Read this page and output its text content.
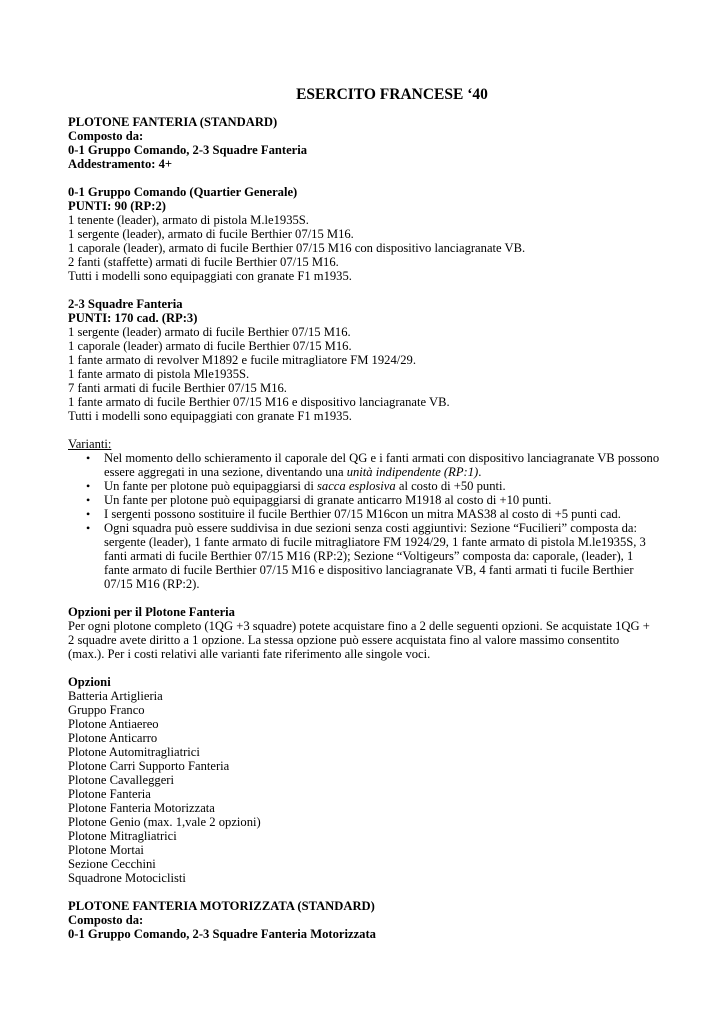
ESERCITO FRANCESE ‘40
PLOTONE FANTERIA (STANDARD)
Composto da:
0-1 Gruppo Comando, 2-3 Squadre Fanteria
Addestramento: 4+
0-1 Gruppo Comando (Quartier Generale)
PUNTI: 90 (RP:2)
1 tenente (leader), armato di pistola M.le1935S.
1 sergente (leader), armato di fucile Berthier 07/15 M16.
1 caporale (leader), armato di fucile Berthier 07/15 M16 con dispositivo lanciagranate VB.
2 fanti (staffette) armati di fucile Berthier 07/15 M16.
Tutti i modelli sono equipaggiati con granate F1 m1935.
2-3 Squadre Fanteria
PUNTI: 170 cad. (RP:3)
1 sergente (leader) armato di fucile Berthier 07/15 M16.
1 caporale (leader) armato di fucile Berthier 07/15 M16.
1 fante armato di revolver M1892 e fucile mitragliatore FM 1924/29.
1 fante armato di pistola Mle1935S.
7 fanti armati di fucile Berthier 07/15 M16.
1 fante armato di fucile Berthier 07/15 M16 e dispositivo lanciagranate VB.
Tutti i modelli sono equipaggiati con granate F1 m1935.
Varianti:
• Nel momento dello schieramento il caporale del QG e i fanti armati con dispositivo lanciagranate VB possono essere aggregati in una sezione, diventando una unità indipendente (RP:1).
• Un fante per plotone può equipaggiarsi di sacca esplosiva al costo di +50 punti.
• Un fante per plotone può equipaggiarsi di granate anticarro M1918 al costo di +10 punti.
• I sergenti possono sostituire il fucile Berthier 07/15 M16con un mitra MAS38 al costo di +5 punti cad.
• Ogni squadra può essere suddivisa in due sezioni senza costi aggiuntivi: Sezione “Fucilieri” composta da: sergente (leader), 1 fante armato di fucile mitragliatore FM 1924/29, 1 fante armato di pistola M.le1935S, 3 fanti armati di fucile Berthier 07/15 M16 (RP:2); Sezione “Voltigeurs” composta da: caporale, (leader), 1 fante armato di fucile Berthier 07/15 M16 e dispositivo lanciagranate VB, 4 fanti armati ti fucile Berthier 07/15 M16 (RP:2).
Opzioni per il Plotone Fanteria
Per ogni plotone completo (1QG +3 squadre) potete acquistare fino a 2 delle seguenti opzioni. Se acquistate 1QG + 2 squadre avete diritto a 1 opzione. La stessa opzione può essere acquistata fino al valore massimo consentito (max.). Per i costi relativi alle varianti fate riferimento alle singole voci.
Opzioni
Batteria Artiglieria
Gruppo Franco
Plotone Antiaereo
Plotone Anticarro
Plotone Automitragliatrici
Plotone Carri Supporto Fanteria
Plotone Cavalleggeri
Plotone Fanteria
Plotone Fanteria Motorizzata
Plotone Genio (max. 1,vale 2 opzioni)
Plotone Mitragliatrici
Plotone Mortai
Sezione Cecchini
Squadrone Motociclisti
PLOTONE FANTERIA MOTORIZZATA (STANDARD)
Composto da:
0-1 Gruppo Comando, 2-3 Squadre Fanteria Motorizzata
